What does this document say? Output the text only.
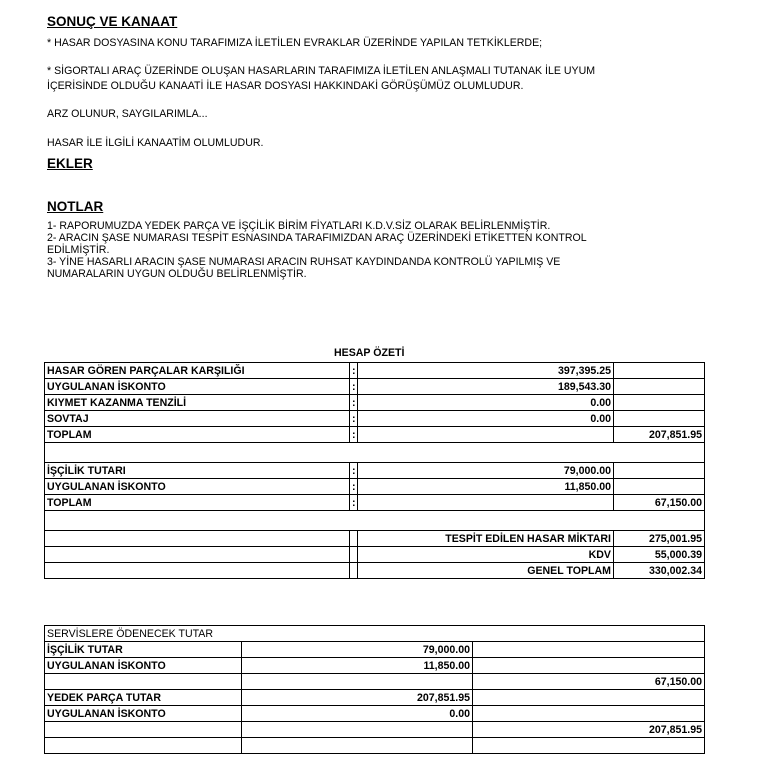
SONUÇ VE KANAAT
* HASAR DOSYASINA KONU TARAFIMIZA İLETİLEN EVRAKLAR ÜZERİNDE YAPILAN TETKİKLERDE;
* SİGORTALI ARAÇ ÜZERİNDE OLUŞAN HASARLARIN TARAFIMIZA İLETİLEN ANLAŞMALI TUTANAK İLE UYUM
İÇERİSİNDE OLDUĞU KANAATİ İLE HASAR DOSYASI HAKKINDAKİ GÖRÜŞÜMÜZ OLUMLUDUR.
ARZ OLUNUR, SAYGILARIMLA...
HASAR İLE İLGİLİ KANAATİM OLUMLUDUR.
EKLER
NOTLAR
1- RAPORUMUZDA YEDEK PARÇA VE İŞÇİLİK BİRİM FİYATLARI K.D.V.SİZ OLARAK BELİRLENMİŞTİR.
2- ARACIN ŞASE NUMARASI TESPİT ESNASINDA TARAFIMIZDAN ARAÇ ÜZERİNDEKİ ETİKETTEN KONTROL
EDİLMİŞTİR.
3- YİNE HASARLI ARACIN ŞASE NUMARASI ARACIN RUHSAT KAYDINDANDA KONTROLÜ YAPILMIŞ VE
NUMARALARIN UYGUN OLDUĞU BELİRLENMİŞTİR.
HESAP ÖZETİ
HASAR GÖREN PARÇALAR KARŞILIĞI	:	397,395.25	
UYGULANAN İSKONTO	:	189,543.30	
KIYMET KAZANMA TENZİLİ	:	0.00	
SOVTAJ	:	0.00	
TOPLAM	:		207,851.95

İŞÇİLİK TUTARI	:	79,000.00	
UYGULANAN İSKONTO	:	11,850.00	
TOPLAM	:		67,150.00

		TESPİT EDİLEN HASAR MİKTARI	275,001.95
		KDV	55,000.39
		GENEL TOPLAM	330,002.34
SERVİSLERE ÖDENECEK TUTAR			
İŞÇİLİK TUTAR	79,000.00		
UYGULANAN İSKONTO	11,850.00		
			67,150.00
YEDEK PARÇA TUTAR	207,851.95		
UYGULANAN İSKONTO	0.00		
			207,851.95
